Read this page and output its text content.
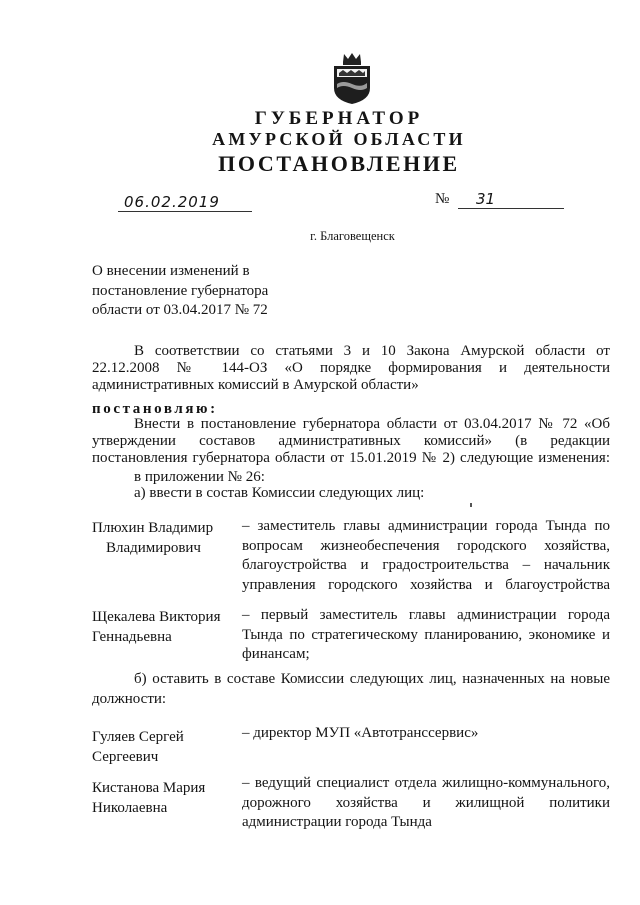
ГУБЕРНАТОР
АМУРСКОЙ ОБЛАСТИ
ПОСТАНОВЛЕНИЕ
06.02.2019	№	31
г. Благовещенск
О внесении изменений в
постановление губернатора
области от 03.04.2017 № 72
В соответствии со статьями 3 и 10 Закона Амурской области от
22.12.2008 № 144-ОЗ «О порядке формирования и деятельности
административных комиссий в Амурской области»
постановляю:
Внести в постановление губернатора области от 03.04.2017 № 72 «Об
утверждении составов административных комиссий» (в редакции
постановления губернатора области от 15.01.2019 № 2) следующие изменения:
в приложении № 26:
а) ввести в состав Комиссии следующих лиц:
Плюхин Владимир
Владимирович
– заместитель главы администрации города Тында по
вопросам жизнеобеспечения городского хозяйства,
благоустройства и градостроительства – начальник
управления городского хозяйства и благоустройства
Щекалева Виктория
Геннадьевна
– первый заместитель главы администрации города
Тында по стратегическому планированию, экономике и
финансам;
б) оставить в составе Комиссии следующих лиц, назначенных на новые
должности:
Гуляев Сергей
Сергеевич
– директор МУП «Автотранссервис»
Кистанова Мария
Николаевна
– ведущий специалист отдела жилищно-коммунального,
дорожного хозяйства и жилищной политики
администрации города Тында
